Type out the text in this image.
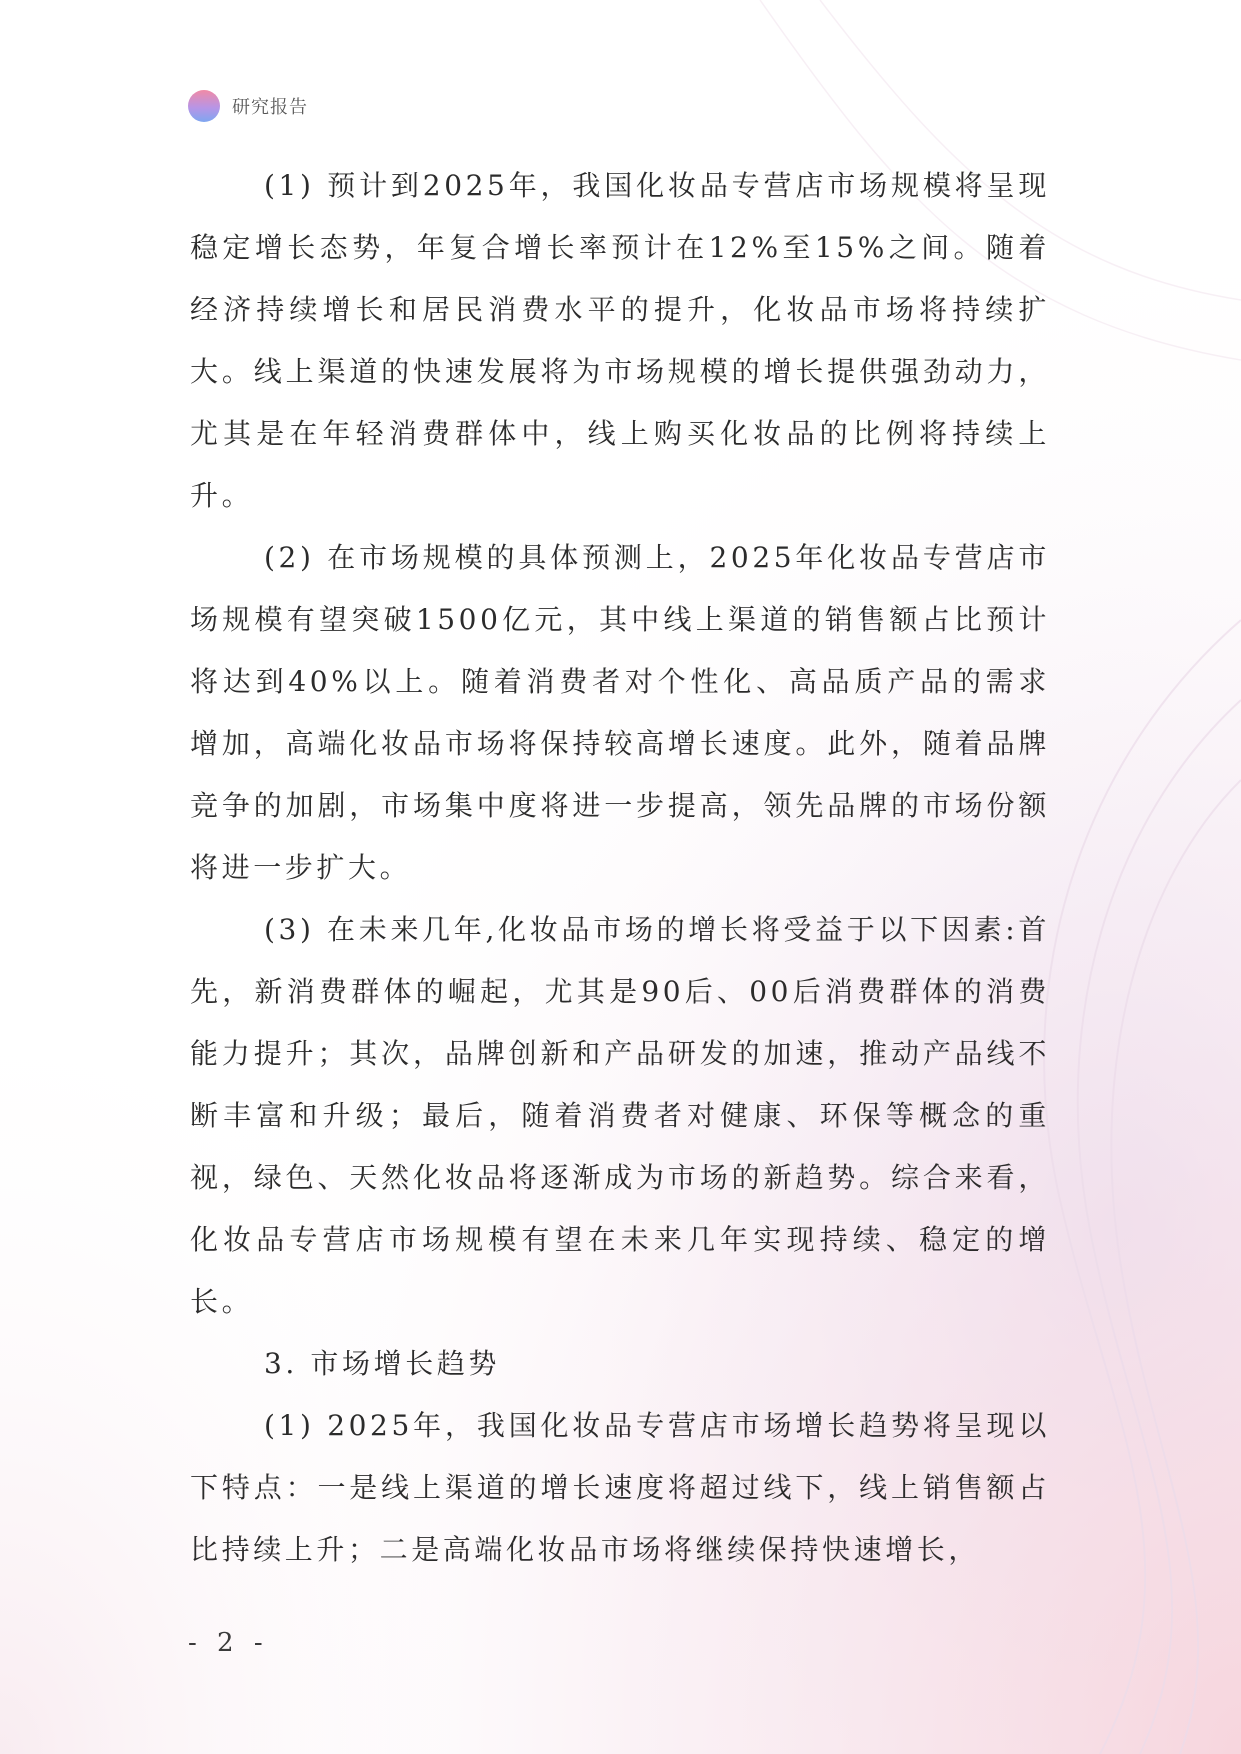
研究报告

(1) 预计到2025年，我国化妆品专营店市场规模将呈现稳定增长态势，年复合增长率预计在12%至15%之间。随着经济持续增长和居民消费水平的提升，化妆品市场将持续扩大。线上渠道的快速发展将为市场规模的增长提供强劲动力，尤其是在年轻消费群体中，线上购买化妆品的比例将持续上升。

(2) 在市场规模的具体预测上，2025年化妆品专营店市场规模有望突破1500亿元，其中线上渠道的销售额占比预计将达到40%以上。随着消费者对个性化、高品质产品的需求增加，高端化妆品市场将保持较高增长速度。此外，随着品牌竞争的加剧，市场集中度将进一步提高，领先品牌的市场份额将进一步扩大。

(3) 在未来几年,化妆品市场的增长将受益于以下因素:首先，新消费群体的崛起，尤其是90后、00后消费群体的消费能力提升；其次，品牌创新和产品研发的加速，推动产品线不断丰富和升级；最后，随着消费者对健康、环保等概念的重视，绿色、天然化妆品将逐渐成为市场的新趋势。综合来看，化妆品专营店市场规模有望在未来几年实现持续、稳定的增长。

3. 市场增长趋势

(1) 2025年，我国化妆品专营店市场增长趋势将呈现以下特点：一是线上渠道的增长速度将超过线下，线上销售额占比持续上升；二是高端化妆品市场将继续保持快速增长，

- 2 -
